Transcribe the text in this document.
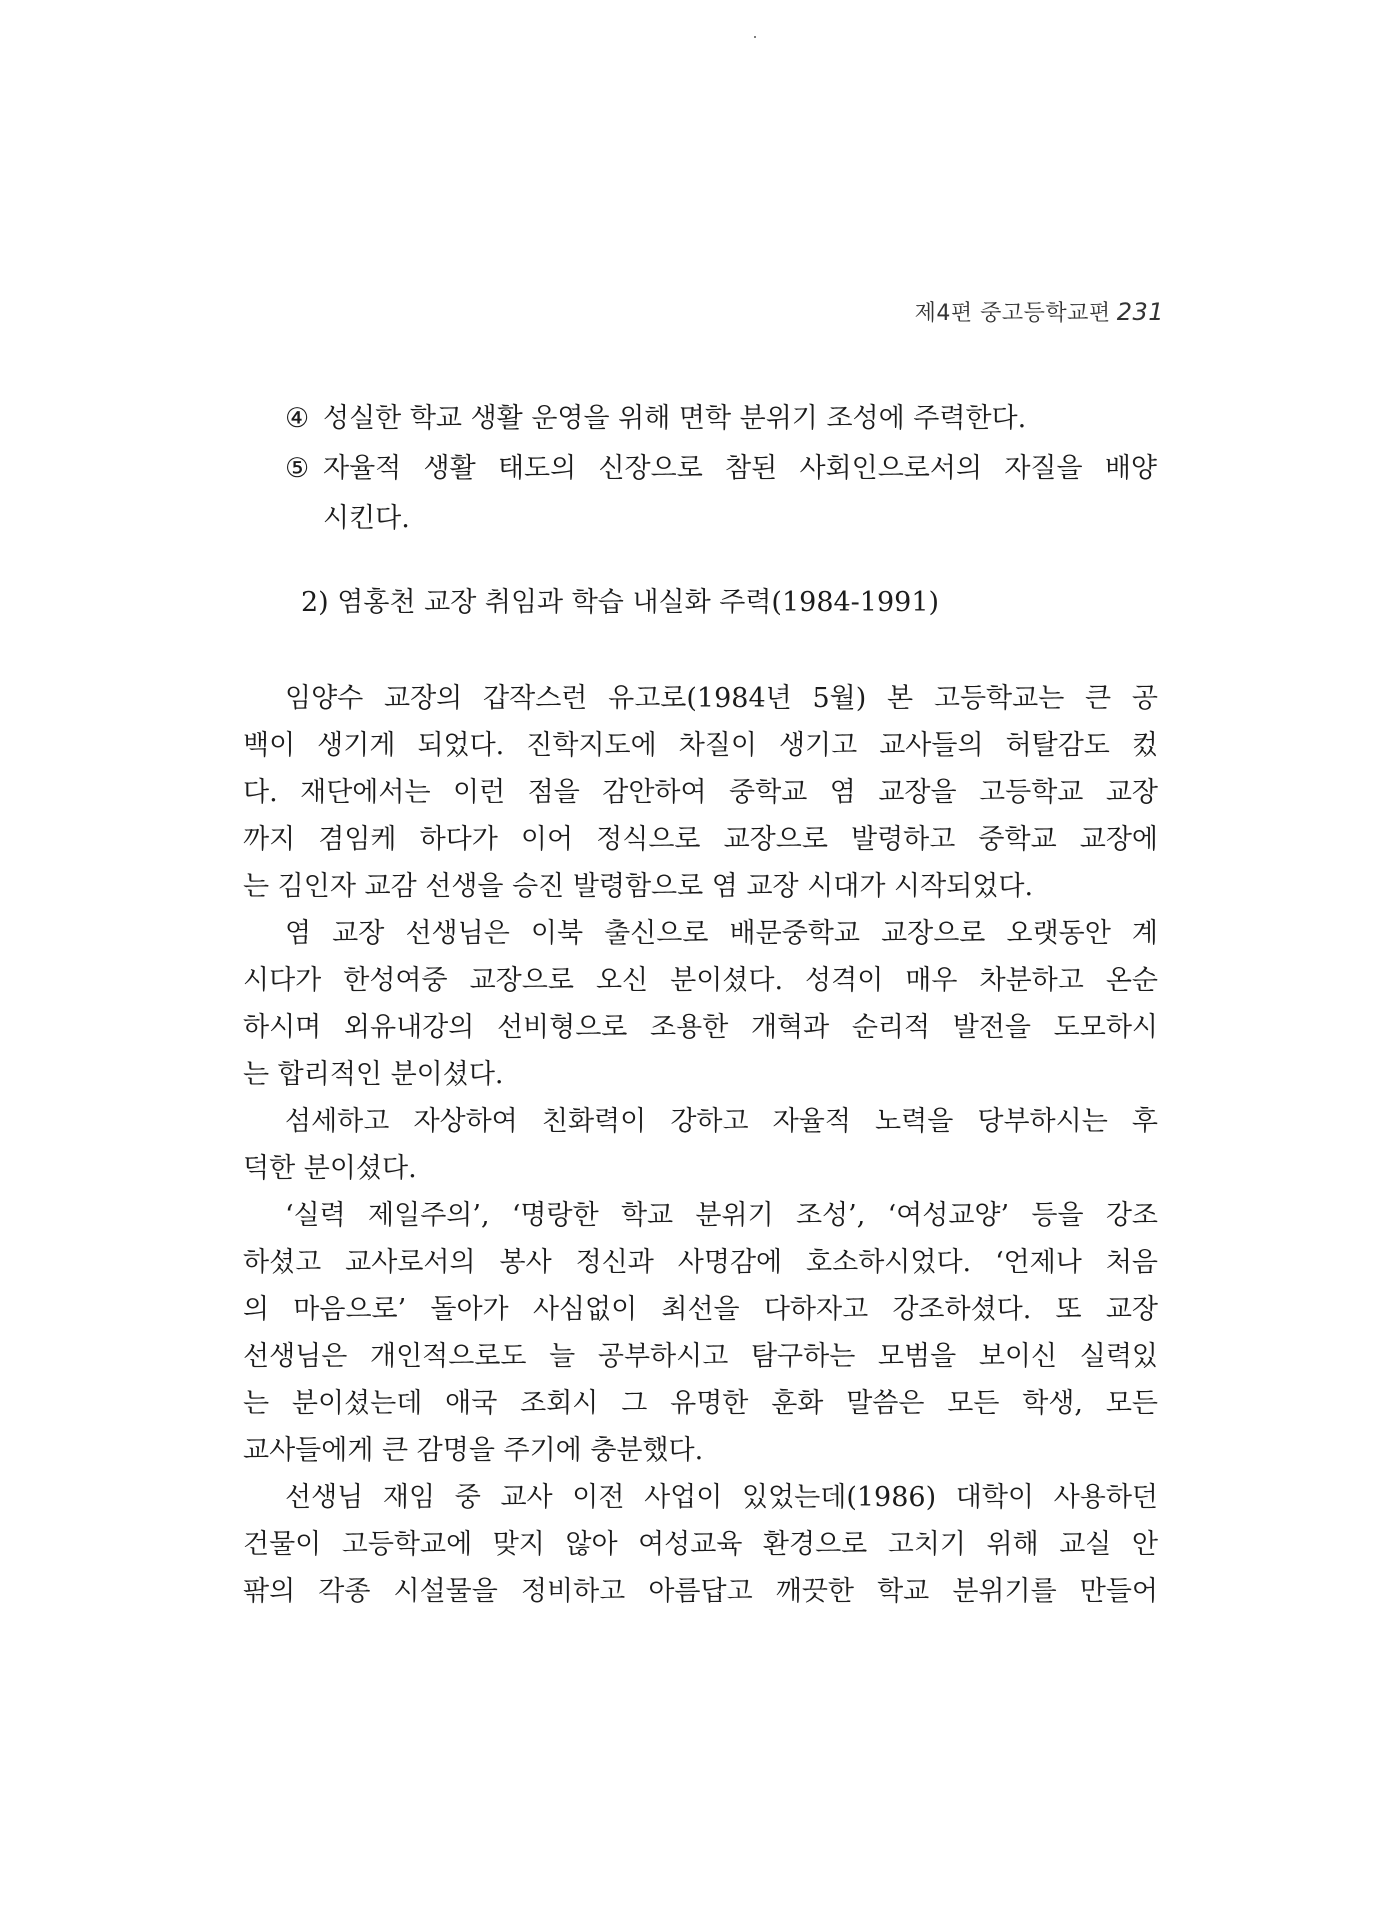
제4편 중고등학교편 231
④ 성실한 학교 생활 운영을 위해 면학 분위기 조성에 주력한다.
⑤ 자율적 생활 태도의 신장으로 참된 사회인으로서의 자질을 배양
시킨다.
2) 염홍천 교장 취임과 학습 내실화 주력(1984-1991)
임양수 교장의 갑작스런 유고로(1984년 5월) 본 고등학교는 큰 공
백이 생기게 되었다. 진학지도에 차질이 생기고 교사들의 허탈감도 컸
다. 재단에서는 이런 점을 감안하여 중학교 염 교장을 고등학교 교장
까지 겸임케 하다가 이어 정식으로 교장으로 발령하고 중학교 교장에
는 김인자 교감 선생을 승진 발령함으로 염 교장 시대가 시작되었다.
염 교장 선생님은 이북 출신으로 배문중학교 교장으로 오랫동안 계
시다가 한성여중 교장으로 오신 분이셨다. 성격이 매우 차분하고 온순
하시며 외유내강의 선비형으로 조용한 개혁과 순리적 발전을 도모하시
는 합리적인 분이셨다.
섬세하고 자상하여 친화력이 강하고 자율적 노력을 당부하시는 후
덕한 분이셨다.
‘실력 제일주의’, ‘명랑한 학교 분위기 조성’, ‘여성교양’ 등을 강조
하셨고 교사로서의 봉사 정신과 사명감에 호소하시었다. ‘언제나 처음
의 마음으로’ 돌아가 사심없이 최선을 다하자고 강조하셨다. 또 교장
선생님은 개인적으로도 늘 공부하시고 탐구하는 모범을 보이신 실력있
는 분이셨는데 애국 조회시 그 유명한 훈화 말씀은 모든 학생, 모든
교사들에게 큰 감명을 주기에 충분했다.
선생님 재임 중 교사 이전 사업이 있었는데(1986) 대학이 사용하던
건물이 고등학교에 맞지 않아 여성교육 환경으로 고치기 위해 교실 안
팎의 각종 시설물을 정비하고 아름답고 깨끗한 학교 분위기를 만들어
